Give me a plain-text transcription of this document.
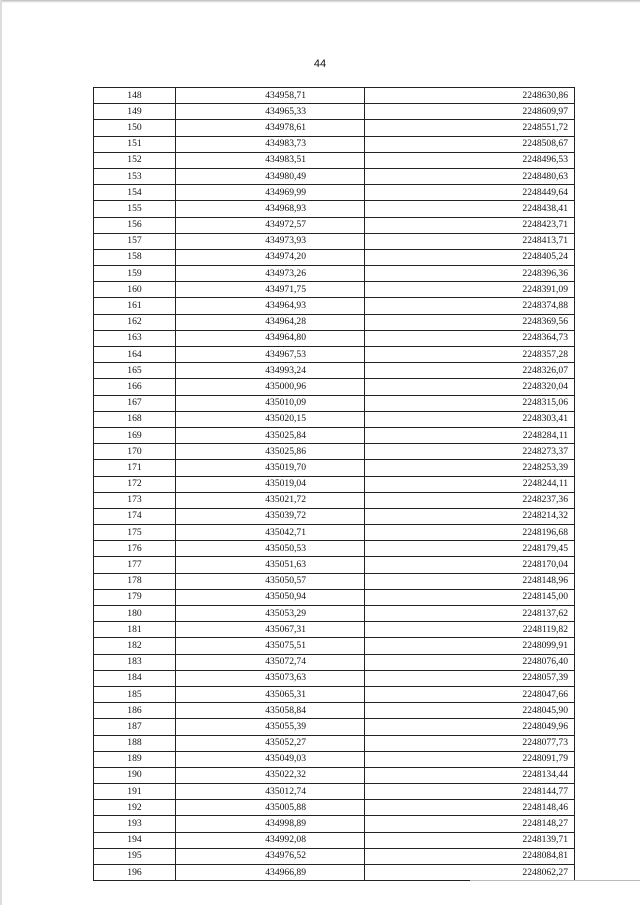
44
148	434958,71	2248630,86
149	434965,33	2248609,97
150	434978,61	2248551,72
151	434983,73	2248508,67
152	434983,51	2248496,53
153	434980,49	2248480,63
154	434969,99	2248449,64
155	434968,93	2248438,41
156	434972,57	2248423,71
157	434973,93	2248413,71
158	434974,20	2248405,24
159	434973,26	2248396,36
160	434971,75	2248391,09
161	434964,93	2248374,88
162	434964,28	2248369,56
163	434964,80	2248364,73
164	434967,53	2248357,28
165	434993,24	2248326,07
166	435000,96	2248320,04
167	435010,09	2248315,06
168	435020,15	2248303,41
169	435025,84	2248284,11
170	435025,86	2248273,37
171	435019,70	2248253,39
172	435019,04	2248244,11
173	435021,72	2248237,36
174	435039,72	2248214,32
175	435042,71	2248196,68
176	435050,53	2248179,45
177	435051,63	2248170,04
178	435050,57	2248148,96
179	435050,94	2248145,00
180	435053,29	2248137,62
181	435067,31	2248119,82
182	435075,51	2248099,91
183	435072,74	2248076,40
184	435073,63	2248057,39
185	435065,31	2248047,66
186	435058,84	2248045,90
187	435055,39	2248049,96
188	435052,27	2248077,73
189	435049,03	2248091,79
190	435022,32	2248134,44
191	435012,74	2248144,77
192	435005,88	2248148,46
193	434998,89	2248148,27
194	434992,08	2248139,71
195	434976,52	2248084,81
196	434966,89	2248062,27
